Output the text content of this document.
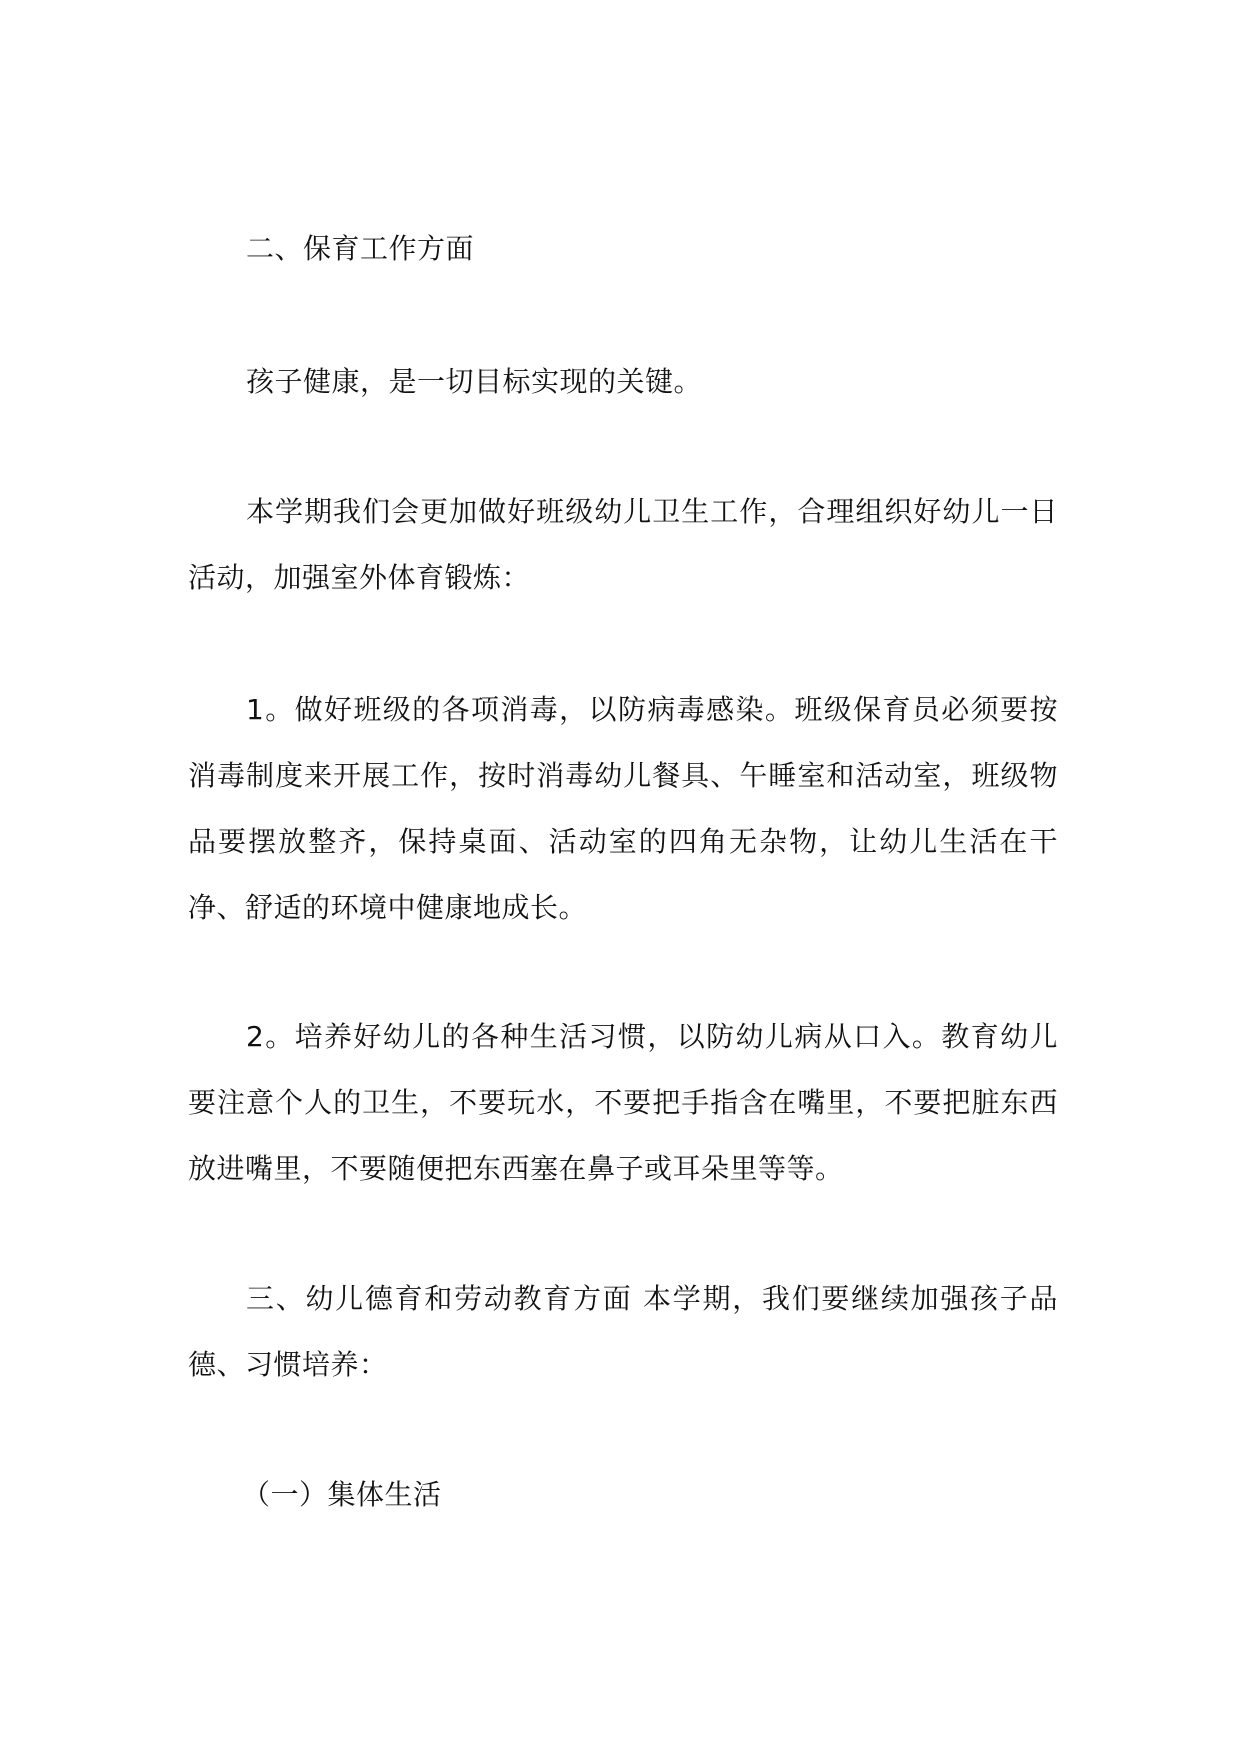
二、保育工作方面

孩子健康，是一切目标实现的关键。

本学期我们会更加做好班级幼儿卫生工作，合理组织好幼儿一日活动，加强室外体育锻炼：

1。做好班级的各项消毒，以防病毒感染。班级保育员必须要按消毒制度来开展工作，按时消毒幼儿餐具、午睡室和活动室，班级物品要摆放整齐，保持桌面、活动室的四角无杂物，让幼儿生活在干净、舒适的环境中健康地成长。

2。培养好幼儿的各种生活习惯，以防幼儿病从口入。教育幼儿要注意个人的卫生，不要玩水，不要把手指含在嘴里，不要把脏东西放进嘴里，不要随便把东西塞在鼻子或耳朵里等等。

三、幼儿德育和劳动教育方面 本学期，我们要继续加强孩子品德、习惯培养：

（一）集体生活
